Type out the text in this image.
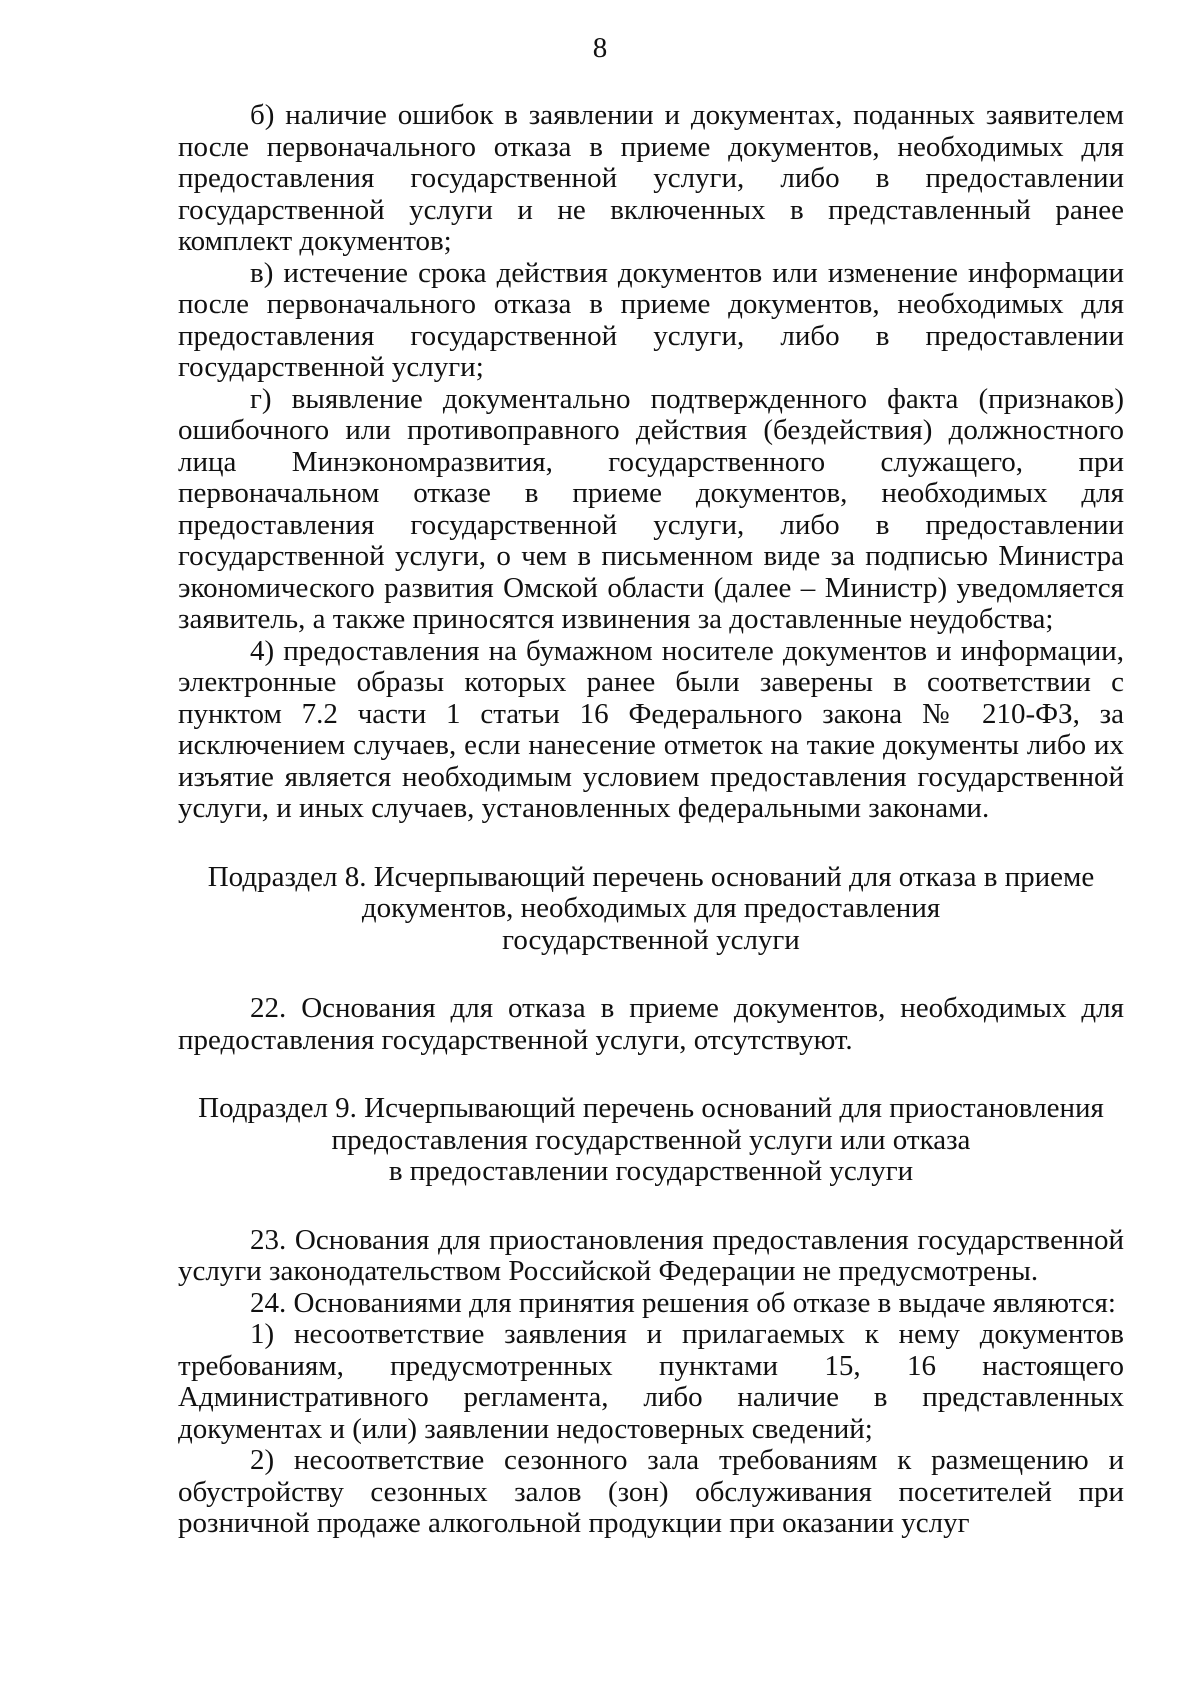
8

б) наличие ошибок в заявлении и документах, поданных заявителем после первоначального отказа в приеме документов, необходимых для предоставления государственной услуги, либо в предоставлении государственной услуги и не включенных в представленный ранее комплект документов;

в) истечение срока действия документов или изменение информации после первоначального отказа в приеме документов, необходимых для предоставления государственной услуги, либо в предоставлении государственной услуги;

г) выявление документально подтвержденного факта (признаков) ошибочного или противоправного действия (бездействия) должностного лица Минэкономразвития, государственного служащего, при первоначальном отказе в приеме документов, необходимых для предоставления государственной услуги, либо в предоставлении государственной услуги, о чем в письменном виде за подписью Министра экономического развития Омской области (далее – Министр) уведомляется заявитель, а также приносятся извинения за доставленные неудобства;

4) предоставления на бумажном носителе документов и информации, электронные образы которых ранее были заверены в соответствии с пунктом 7.2 части 1 статьи 16 Федерального закона № 210-ФЗ, за исключением случаев, если нанесение отметок на такие документы либо их изъятие является необходимым условием предоставления государственной услуги, и иных случаев, установленных федеральными законами.

Подраздел 8. Исчерпывающий перечень оснований для отказа в приеме
документов, необходимых для предоставления
государственной услуги

22. Основания для отказа в приеме документов, необходимых для предоставления государственной услуги, отсутствуют.

Подраздел 9. Исчерпывающий перечень оснований для приостановления
предоставления государственной услуги или отказа
в предоставлении государственной услуги

23. Основания для приостановления предоставления государственной услуги законодательством Российской Федерации не предусмотрены.

24. Основаниями для принятия решения об отказе в выдаче являются:

1) несоответствие заявления и прилагаемых к нему документов требованиям, предусмотренных пунктами 15, 16 настоящего Административного регламента, либо наличие в представленных документах и (или) заявлении недостоверных сведений;

2) несоответствие сезонного зала требованиям к размещению и обустройству сезонных залов (зон) обслуживания посетителей при розничной продаже алкогольной продукции при оказании услуг
